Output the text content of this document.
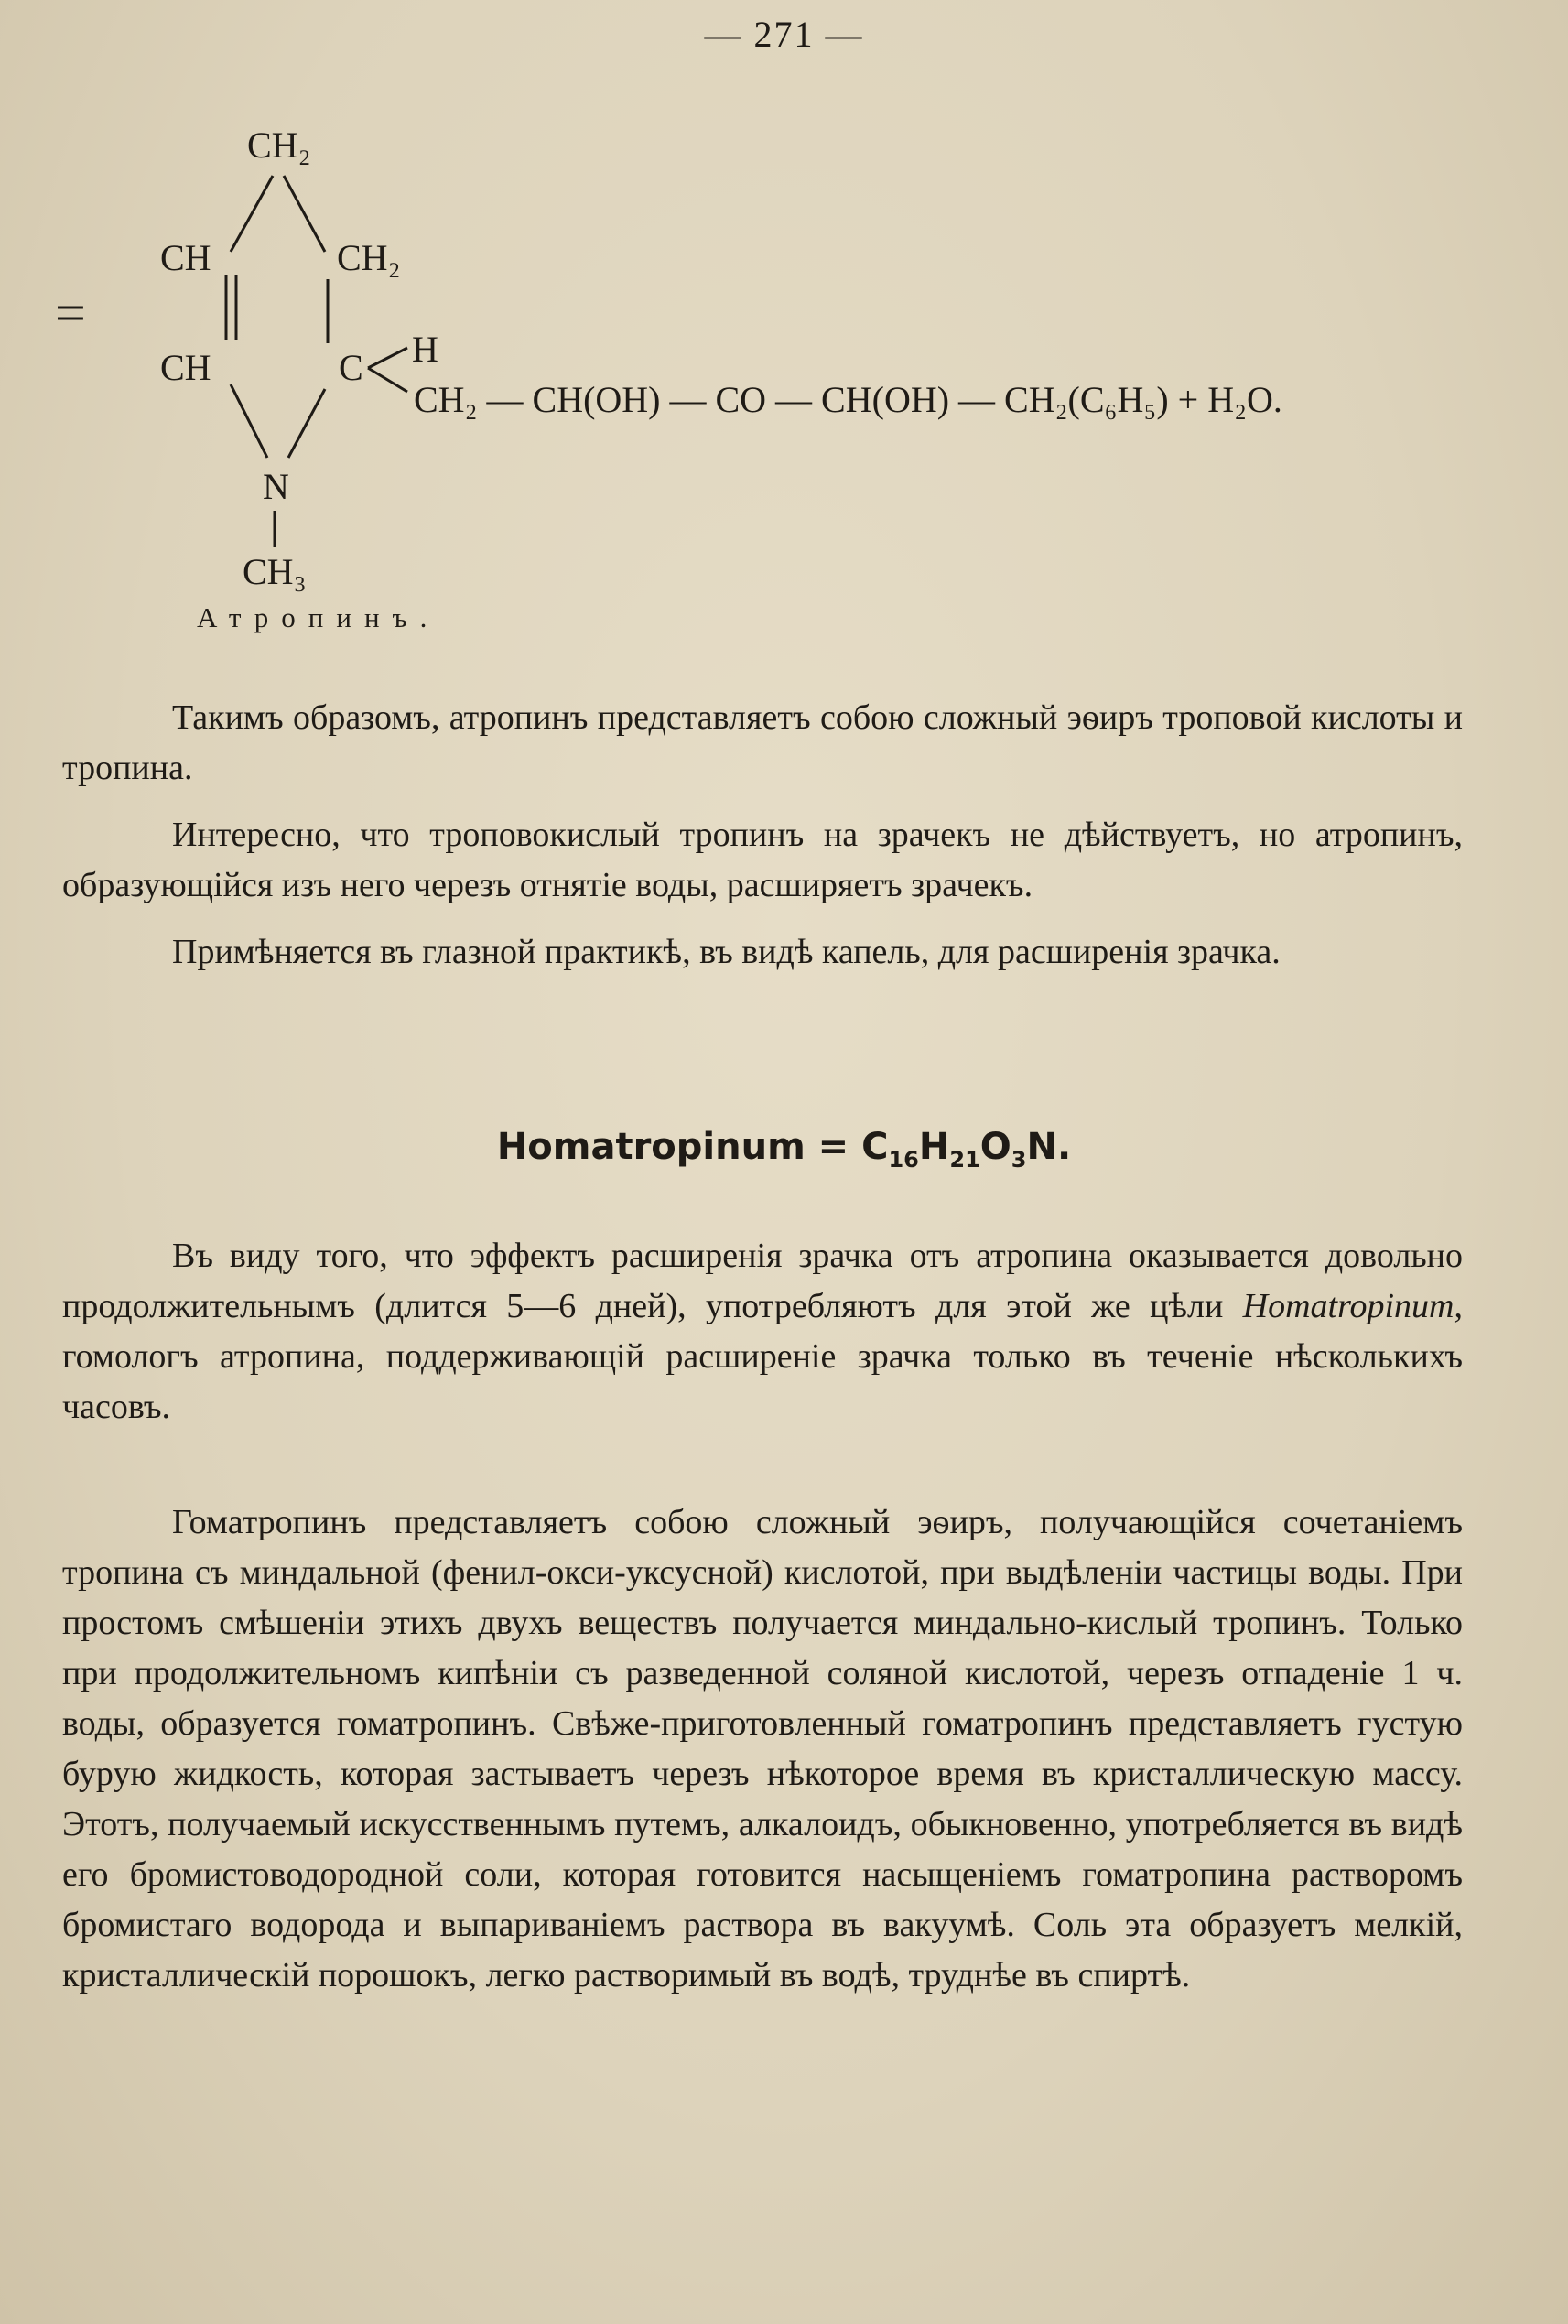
— 271 —
=
CH₂
CH	CH₂
CH	C H
N
CH₃
CH₂ — CH(OH) — CO — CH(OH) — CH₂(C₆H₅) + H₂O.
Атропинъ.

Такимъ образомъ, атропинъ представляетъ собою сложный эѳиръ троповой кислоты и тропина.

Интересно, что троповокислый тропинъ на зрачекъ не дѣйствуетъ, но атропинъ, образующійся изъ него черезъ отнятіе воды, расширяетъ зрачекъ.

Примѣняется въ глазной практикѣ, въ видѣ капель, для расширенія зрачка.

Homatropinum = $C_{16}H_{21}O_3N$.

Въ виду того, что эффектъ расширенія зрачка отъ атропина оказывается довольно продолжительнымъ (длится 5—6 дней), употребляютъ для этой же цѣли Homatropinum, гомологъ атропина, поддерживающій расширеніе зрачка только въ теченіе нѣсколькихъ часовъ.

Гоматропинъ представляетъ собою сложный эѳиръ, получающійся сочетаніемъ тропина съ миндальной (фенил-окси-уксусной) кислотой, при выдѣленіи частицы воды. При простомъ смѣшеніи этихъ двухъ веществъ получается миндально-кислый тропинъ. Только при продолжительномъ кипѣніи съ разведенной соляной кислотой, черезъ отпаденіе 1 ч. воды, образуется гоматропинъ. Свѣже-приготовленный гоматропинъ представляетъ густую бурую жидкость, которая застываетъ черезъ нѣкоторое время въ кристаллическую массу. Этотъ, получаемый искусственнымъ путемъ, алкалоидъ, обыкновенно, употребляется въ видѣ его бромистоводородной соли, которая готовится насыщеніемъ гоматропина растворомъ бромистаго водорода и выпариваніемъ раствора въ вакуумѣ. Соль эта образуетъ мелкій, кристаллическій порошокъ, легко растворимый въ водѣ, труднѣе въ спиртѣ.
